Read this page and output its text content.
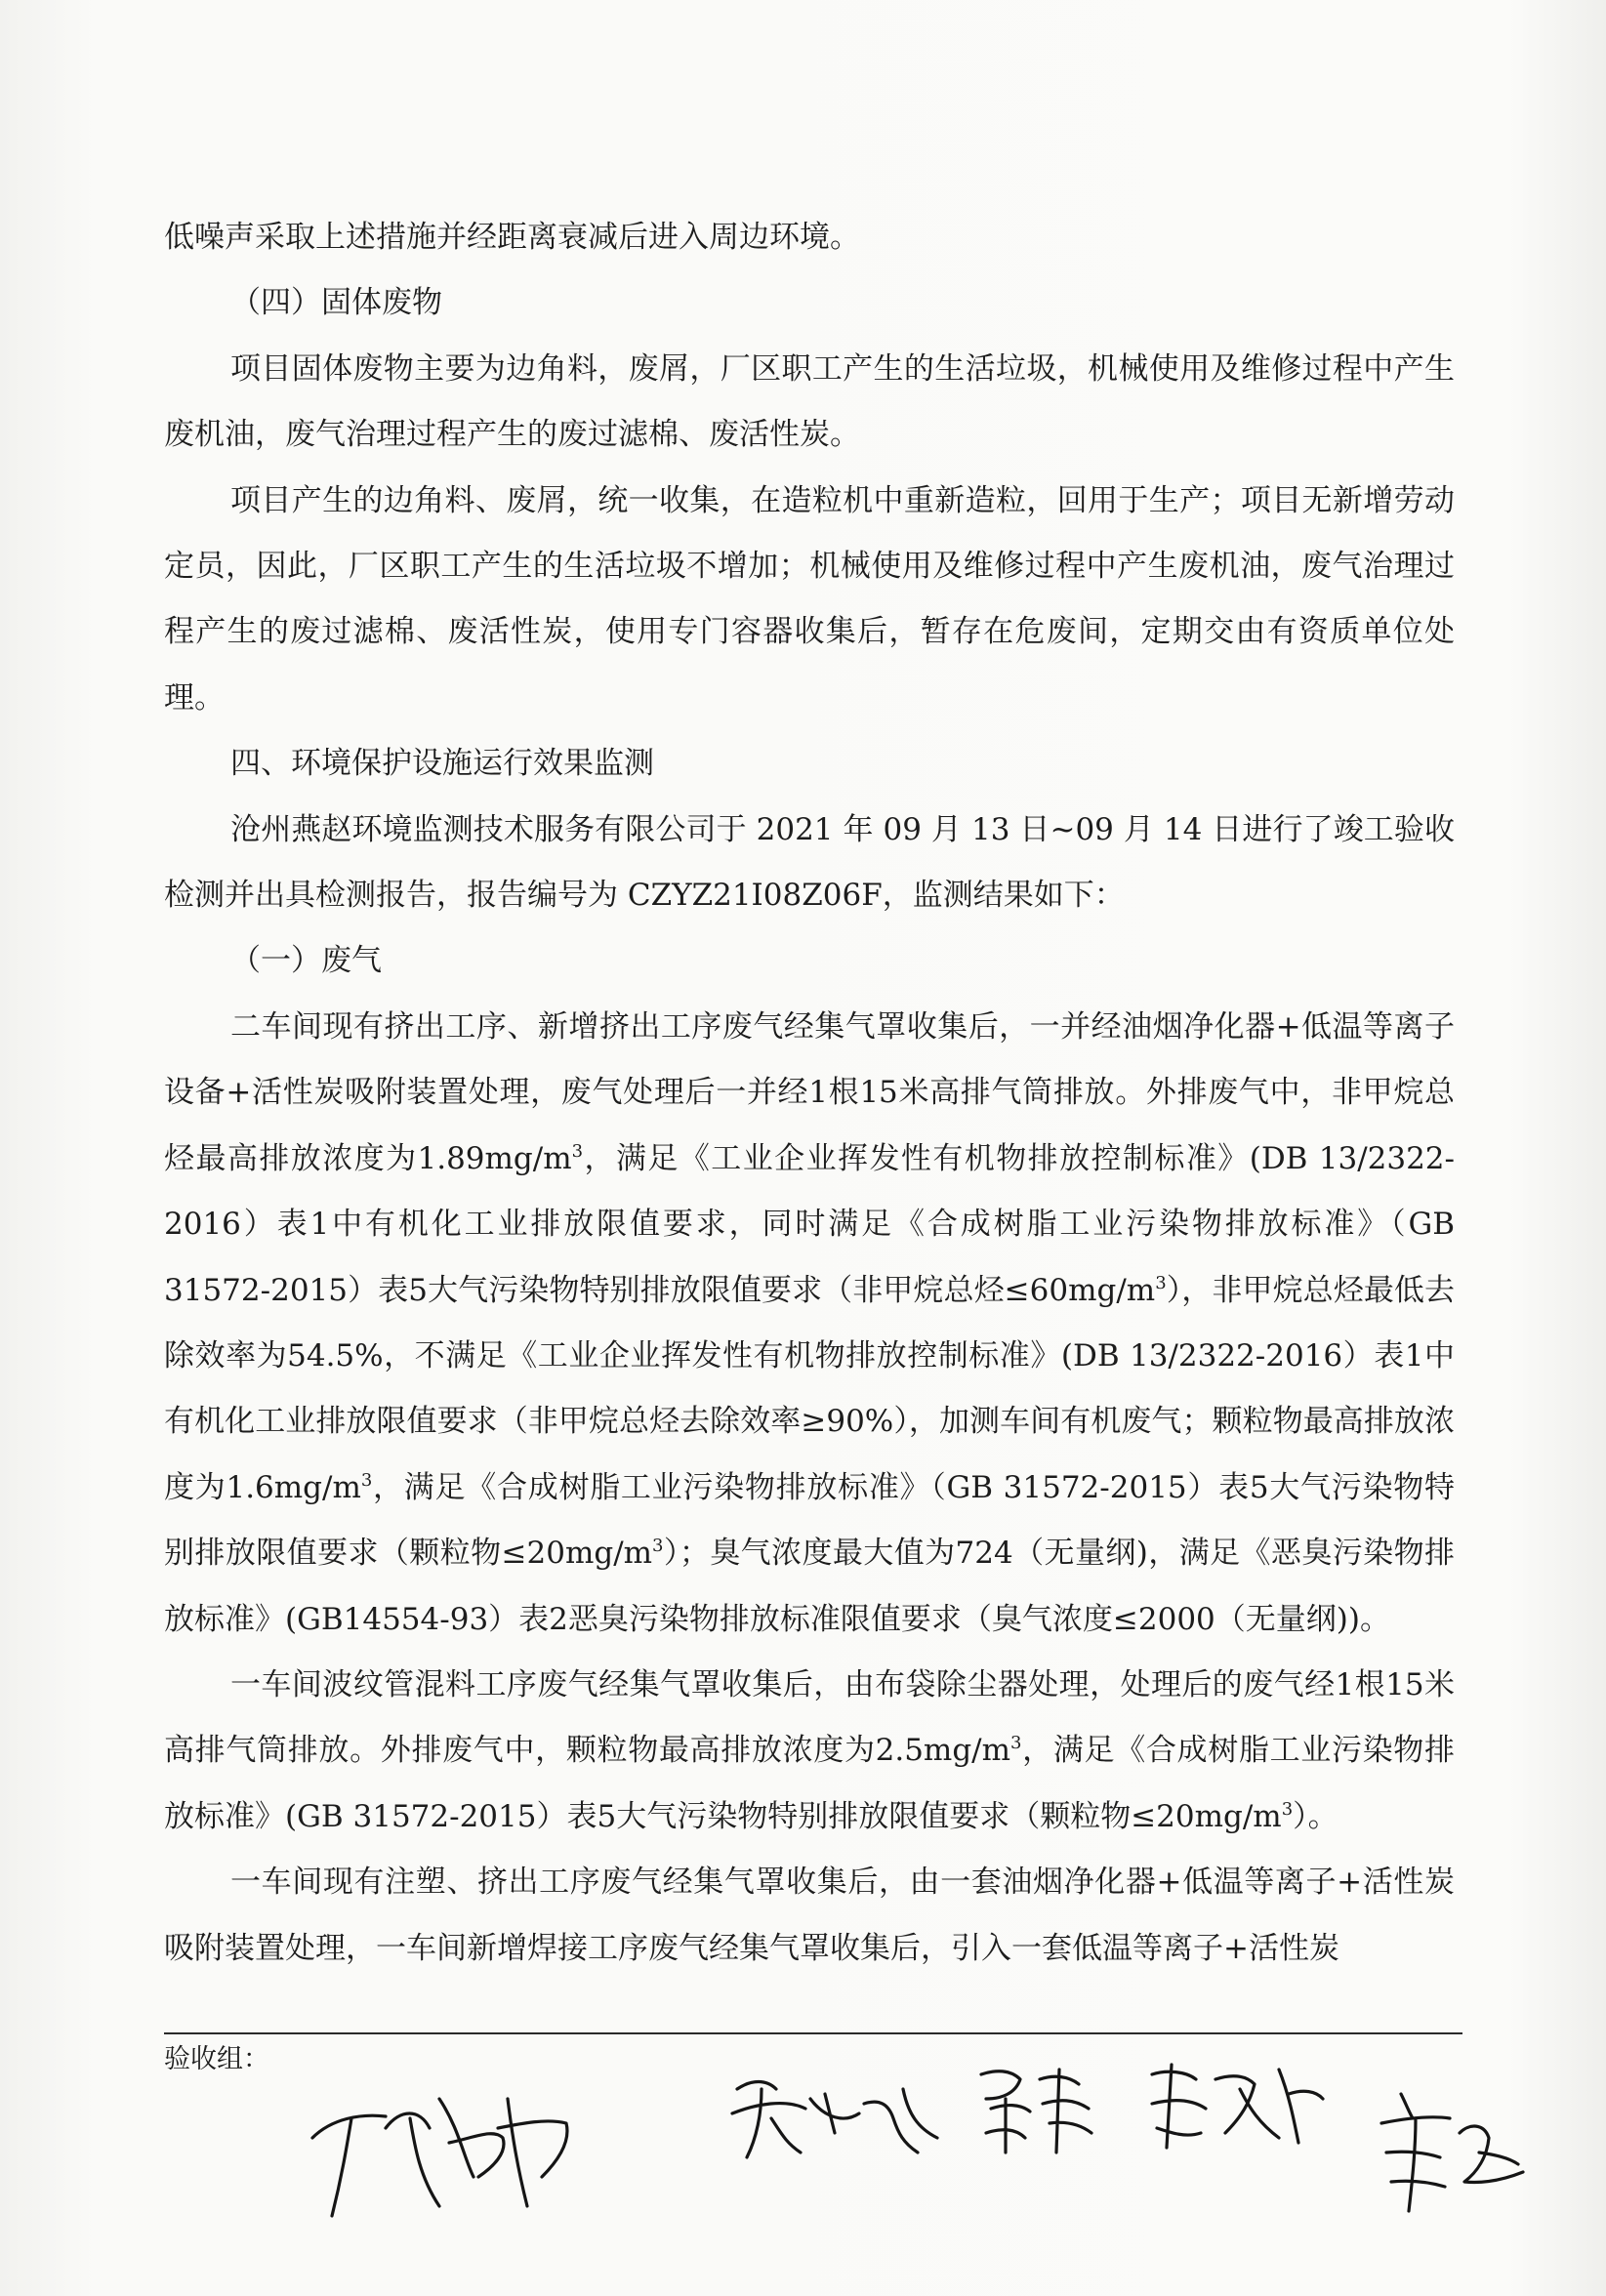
低噪声采取上述措施并经距离衰减后进入周边环境。

（四）固体废物

项目固体废物主要为边角料，废屑，厂区职工产生的生活垃圾，机械使用及维修过程中产生废机油，废气治理过程产生的废过滤棉、废活性炭。

项目产生的边角料、废屑，统一收集，在造粒机中重新造粒，回用于生产；项目无新增劳动定员，因此，厂区职工产生的生活垃圾不增加；机械使用及维修过程中产生废机油，废气治理过程产生的废过滤棉、废活性炭，使用专门容器收集后，暂存在危废间，定期交由有资质单位处理。

四、环境保护设施运行效果监测

沧州燕赵环境监测技术服务有限公司于 2021 年 09 月 13 日~09 月 14 日进行了竣工验收检测并出具检测报告，报告编号为 CZYZ21I08Z06F，监测结果如下：

（一）废气

二车间现有挤出工序、新增挤出工序废气经集气罩收集后，一并经油烟净化器+低温等离子设备+活性炭吸附装置处理，废气处理后一并经1根15米高排气筒排放。外排废气中，非甲烷总烃最高排放浓度为$1.89mg/m^3$，满足《工业企业挥发性有机物排放控制标准》(DB 13/2322-2016）表1中有机化工业排放限值要求，同时满足《合成树脂工业污染物排放标准》（GB 31572-2015）表5大气污染物特别排放限值要求（非甲烷总烃$\le 60mg/m^3$），非甲烷总烃最低去除效率为54.5%，不满足《工业企业挥发性有机物排放控制标准》(DB 13/2322-2016）表1中有机化工业排放限值要求（非甲烷总烃去除效率≥90%），加测车间有机废气；颗粒物最高排放浓度为$1.6mg/m^3$，满足《合成树脂工业污染物排放标准》（GB 31572-2015）表5大气污染物特别排放限值要求（颗粒物$\le 20mg/m^3$）；臭气浓度最大值为724（无量纲)，满足《恶臭污染物排放标准》(GB14554-93）表2恶臭污染物排放标准限值要求（臭气浓度≤2000（无量纲))。

一车间波纹管混料工序废气经集气罩收集后，由布袋除尘器处理，处理后的废气经1根15米高排气筒排放。外排废气中，颗粒物最高排放浓度为$2.5mg/m^3$，满足《合成树脂工业污染物排放标准》(GB 31572-2015）表5大气污染物特别排放限值要求（颗粒物$\le 20mg/m^3$）。

一车间现有注塑、挤出工序废气经集气罩收集后，由一套油烟净化器+低温等离子+活性炭吸附装置处理，一车间新增焊接工序废气经集气罩收集后，引入一套低温等离子+活性炭

验收组：
